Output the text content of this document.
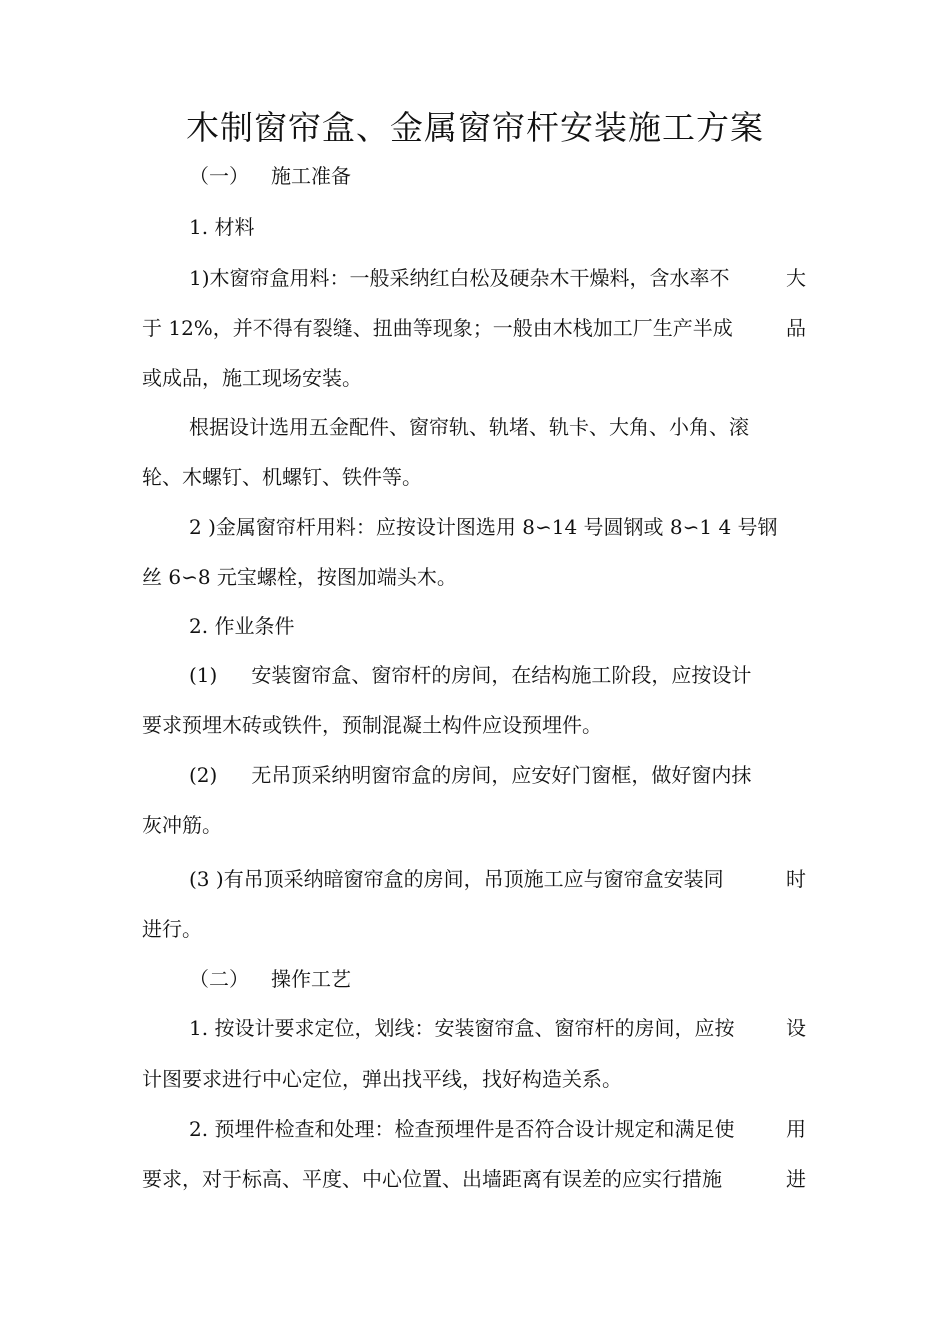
木制窗帘盒、金属窗帘杆安装施工方案
（一） 施工准备
1. 材料
1)木窗帘盒用料：一般采纳红白松及硬杂木干燥料，含水率不	大
于 12%，并不得有裂缝、扭曲等现象；一般由木栈加工厂生产半成	品
或成品，施工现场安装。
根据设计选用五金配件、窗帘轨、轨堵、轨卡、大角、小角、滚
轮、木螺钉、机螺钉、铁件等。
2 )金属窗帘杆用料：应按设计图选用 8∽14 号圆钢或 8∽1 4 号钢
丝 6∽8 元宝螺栓，按图加端头木。
2. 作业条件
(1) 安装窗帘盒、窗帘杆的房间，在结构施工阶段，应按设计
要求预埋木砖或铁件，预制混凝土构件应设预埋件。
(2) 无吊顶采纳明窗帘盒的房间，应安好门窗框，做好窗内抹
灰冲筋。
(3 )有吊顶采纳暗窗帘盒的房间，吊顶施工应与窗帘盒安装同	时
进行。
（二） 操作工艺
1. 按设计要求定位，划线：安装窗帘盒、窗帘杆的房间，应按	设
计图要求进行中心定位，弹出找平线，找好构造关系。
2. 预埋件检查和处理：检查预埋件是否符合设计规定和满足使	用
要求，对于标高、平度、中心位置、出墙距离有误差的应实行措施	进
